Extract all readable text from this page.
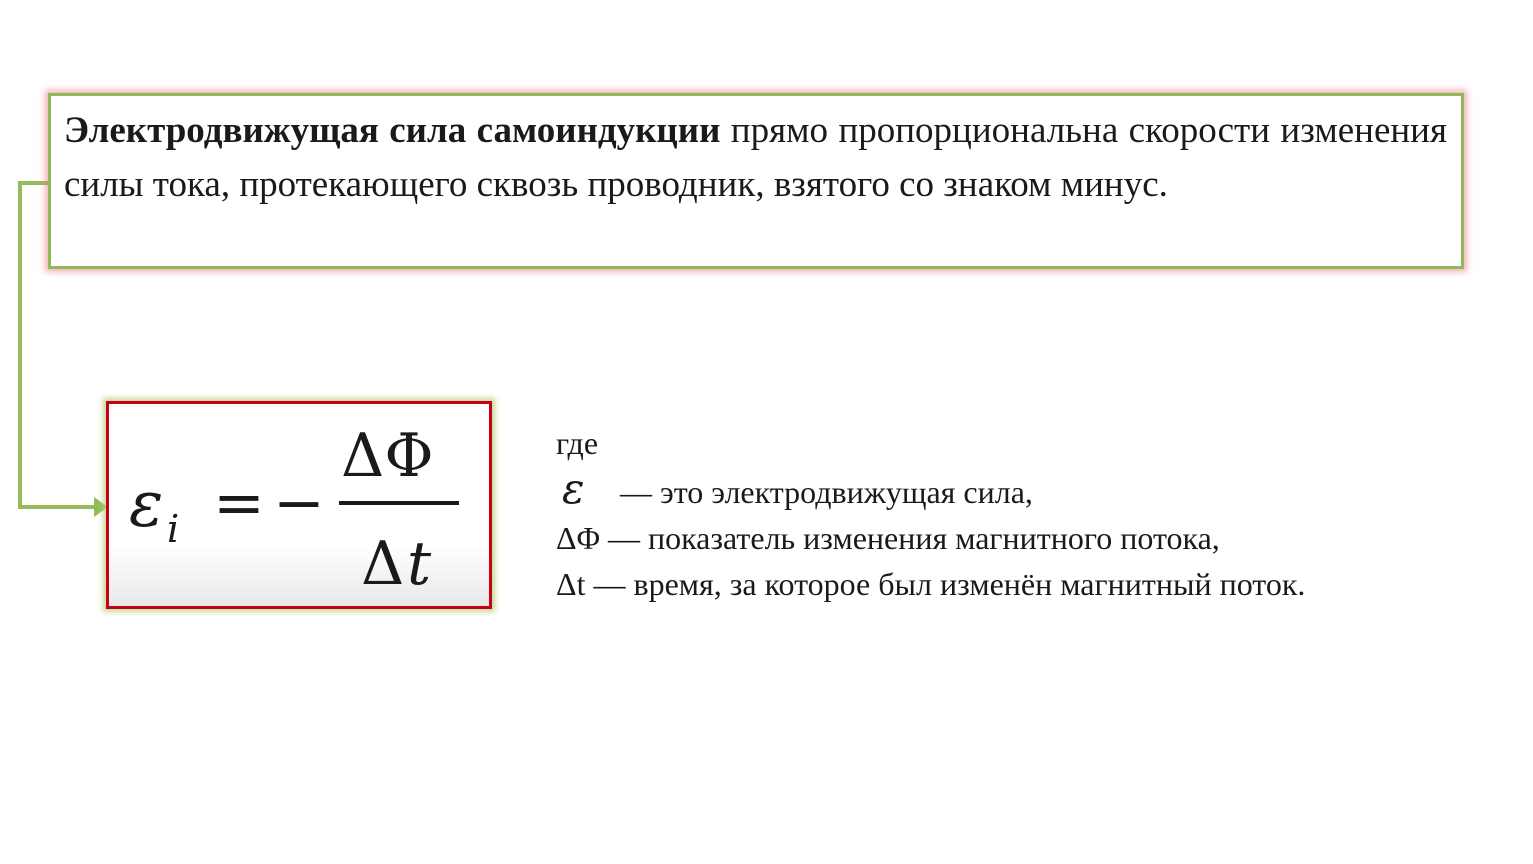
Электродвижущая сила самоиндукции прямо пропорциональна скорости изменения силы тока, протекающего сквозь проводник, взятого со знаком минус.

ε i = −
ΔΦ
Δ t
где
ε — это электродвижущая сила,
ΔΦ — показатель изменения магнитного потока,
Δt — время, за которое был изменён магнитный поток.
